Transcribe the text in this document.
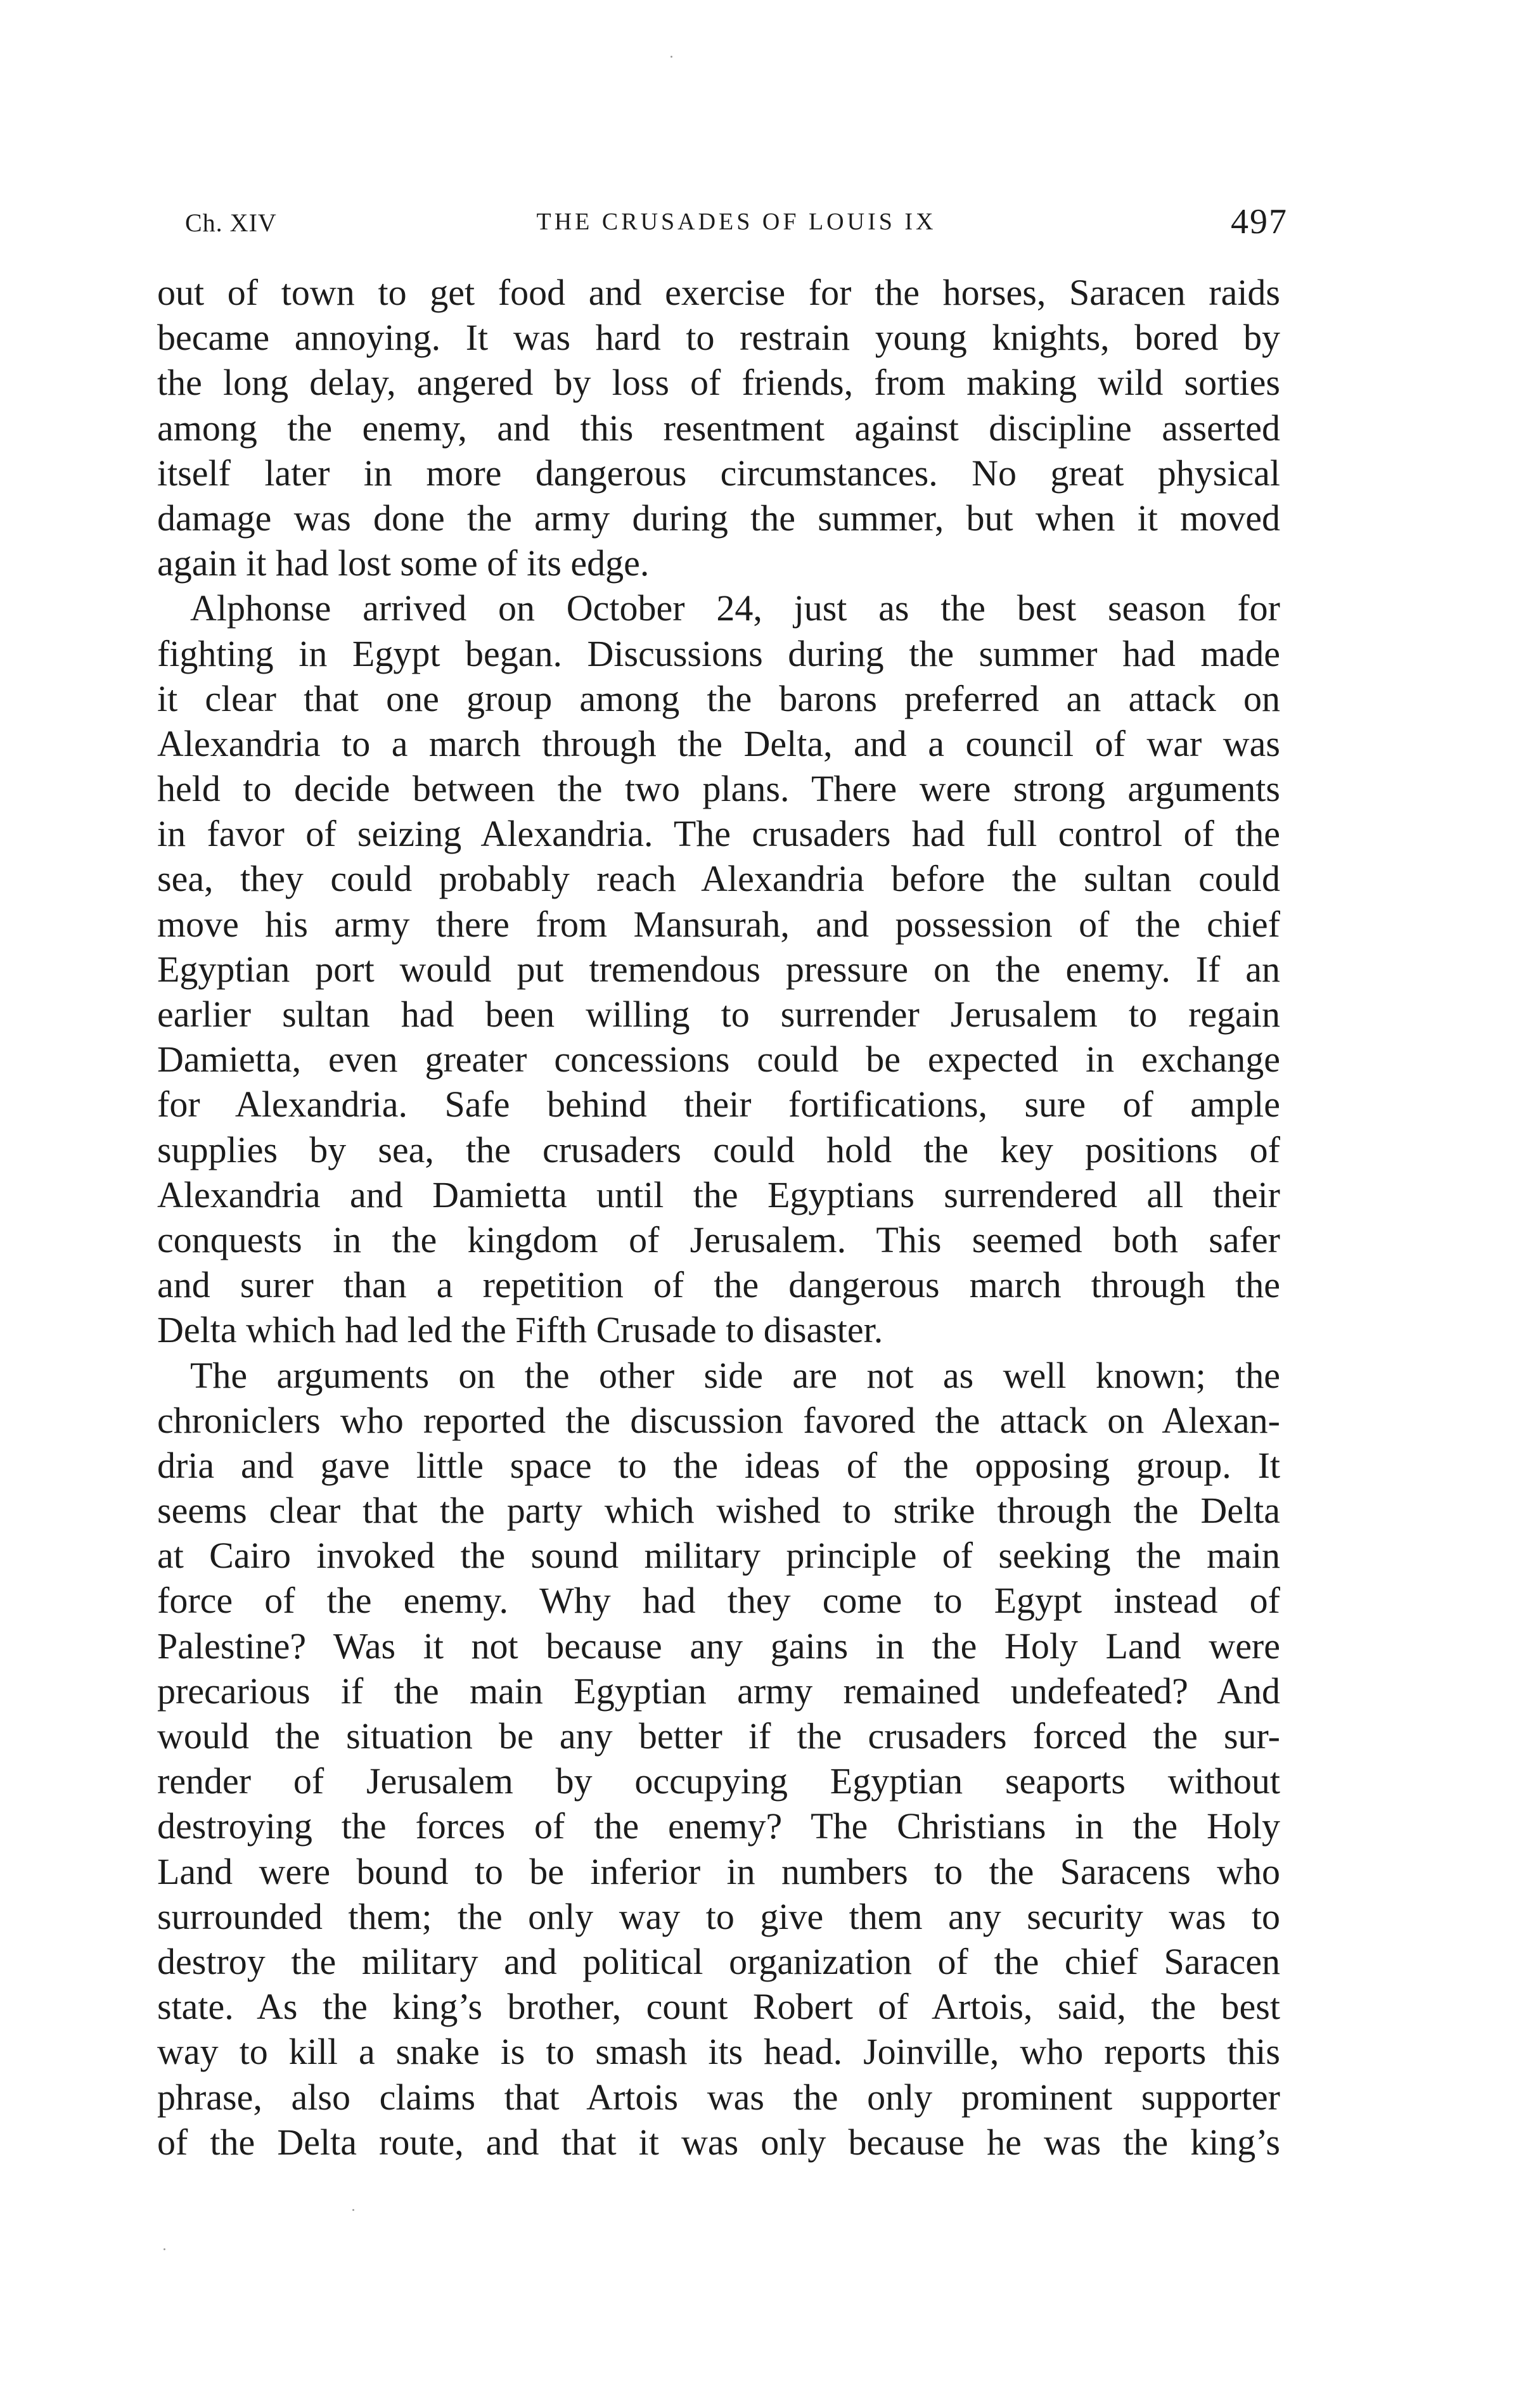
Ch. XIV	THE CRUSADES OF LOUIS IX	497
out of town to get food and exercise for the horses, Saracen raids
became annoying. It was hard to restrain young knights, bored by
the long delay, angered by loss of friends, from making wild sorties
among the enemy, and this resentment against discipline asserted
itself later in more dangerous circumstances. No great physical
damage was done the army during the summer, but when it moved
again it had lost some of its edge.
Alphonse arrived on October 24, just as the best season for
fighting in Egypt began. Discussions during the summer had made
it clear that one group among the barons preferred an attack on
Alexandria to a march through the Delta, and a council of war was
held to decide between the two plans. There were strong arguments
in favor of seizing Alexandria. The crusaders had full control of the
sea, they could probably reach Alexandria before the sultan could
move his army there from Mansurah, and possession of the chief
Egyptian port would put tremendous pressure on the enemy. If an
earlier sultan had been willing to surrender Jerusalem to regain
Damietta, even greater concessions could be expected in exchange
for Alexandria. Safe behind their fortifications, sure of ample
supplies by sea, the crusaders could hold the key positions of
Alexandria and Damietta until the Egyptians surrendered all their
conquests in the kingdom of Jerusalem. This seemed both safer
and surer than a repetition of the dangerous march through the
Delta which had led the Fifth Crusade to disaster.
The arguments on the other side are not as well known; the
chroniclers who reported the discussion favored the attack on Alexan-
dria and gave little space to the ideas of the opposing group. It
seems clear that the party which wished to strike through the Delta
at Cairo invoked the sound military principle of seeking the main
force of the enemy. Why had they come to Egypt instead of
Palestine? Was it not because any gains in the Holy Land were
precarious if the main Egyptian army remained undefeated? And
would the situation be any better if the crusaders forced the sur-
render of Jerusalem by occupying Egyptian seaports without
destroying the forces of the enemy? The Christians in the Holy
Land were bound to be inferior in numbers to the Saracens who
surrounded them; the only way to give them any security was to
destroy the military and political organization of the chief Saracen
state. As the king’s brother, count Robert of Artois, said, the best
way to kill a snake is to smash its head. Joinville, who reports this
phrase, also claims that Artois was the only prominent supporter
of the Delta route, and that it was only because he was the king’s
